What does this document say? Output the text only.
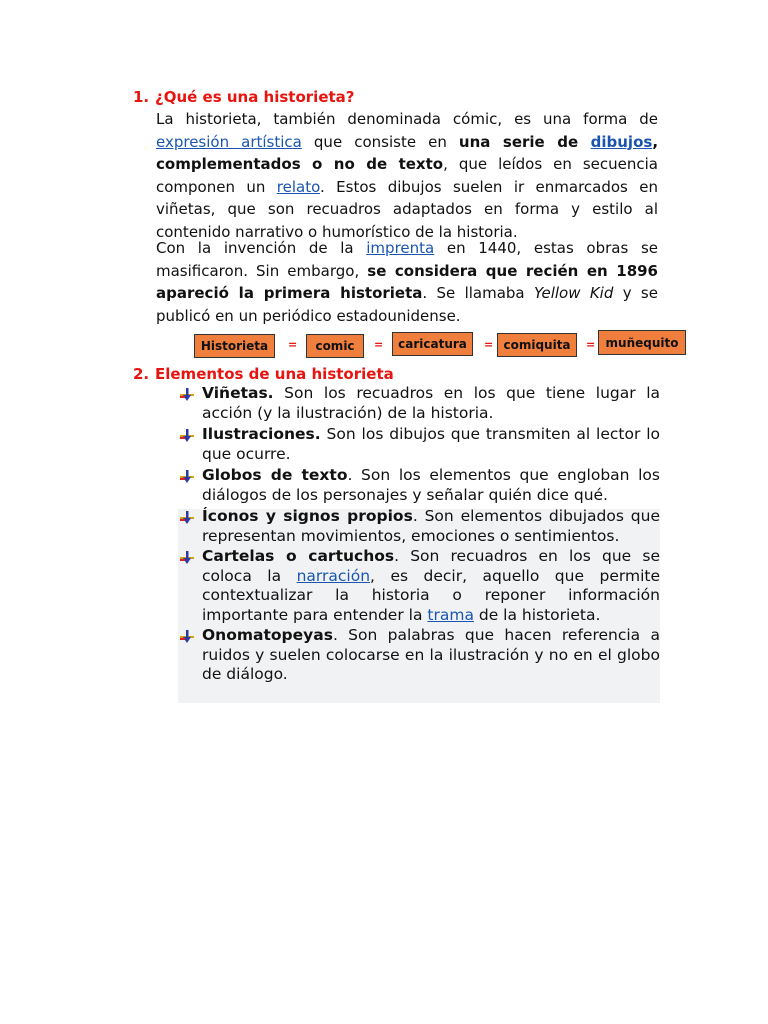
1. ¿Qué es una historieta?
La historieta, también denominada cómic, es una forma de expresión artística que consiste en una serie de dibujos, complementados o no de texto, que leídos en secuencia componen un relato. Estos dibujos suelen ir enmarcados en viñetas, que son recuadros adaptados en forma y estilo al contenido narrativo o humorístico de la historia.
Con la invención de la imprenta en 1440, estas obras se masificaron. Sin embargo, se considera que recién en 1896 apareció la primera historieta. Se llamaba Yellow Kid y se publicó en un periódico estadounidense.
Historieta	=	comic	=	caricatura	= comiquita	= muñequito
2. Elementos de una historieta
Viñetas. Son los recuadros en los que tiene lugar la acción (y la ilustración) de la historia.
Ilustraciones. Son los dibujos que transmiten al lector lo que ocurre.
Globos de texto. Son los elementos que engloban los diálogos de los personajes y señalar quién dice qué.
Íconos y signos propios. Son elementos dibujados que representan movimientos, emociones o sentimientos.
Cartelas o cartuchos. Son recuadros en los que se coloca la narración, es decir, aquello que permite contextualizar la historia o reponer información importante para entender la trama de la historieta.
Onomatopeyas. Son palabras que hacen referencia a ruidos y suelen colocarse en la ilustración y no en el globo de diálogo.
